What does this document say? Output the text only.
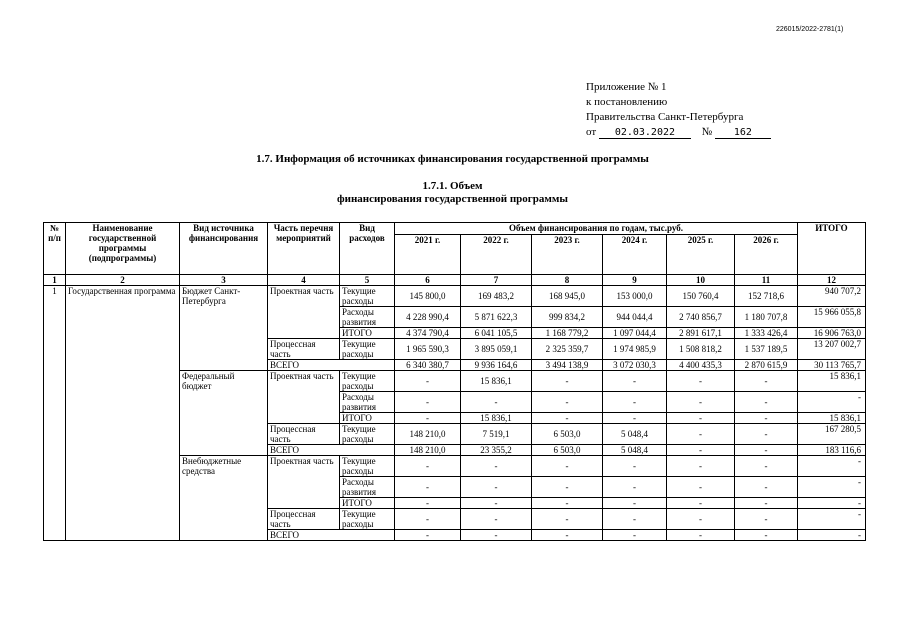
226015/2022-2781(1)
Приложение № 1
к постановлению
Правительства Санкт-Петербурга
от 02.03.2022 № 162
1.7. Информация об источниках финансирования государственной программы
1.7.1. Объем
финансирования государственной программы
№ п/п	Наименование государственной программы (подпрограммы)	Вид источника финансирования	Часть перечня мероприятий	Вид расходов	Объем финансирования по годам, тыс.руб.						ИТОГО
					2021 г.	2022 г.	2023 г.	2024 г.	2025 г.	2026 г.	
1	2	3	4	5	6	7	8	9	10	11	12
1	Государственная программа	Бюджет Санкт-Петербурга	Проектная часть	Текущие расходы	145 800,0	169 483,2	168 945,0	153 000,0	150 760,4	152 718,6	940 707,2
				Расходы развития	4 228 990,4	5 871 622,3	999 834,2	944 044,4	2 740 856,7	1 180 707,8	15 966 055,8
				ИТОГО	4 374 790,4	6 041 105,5	1 168 779,2	1 097 044,4	2 891 617,1	1 333 426,4	16 906 763,0
			Процессная часть	Текущие расходы	1 965 590,3	3 895 059,1	2 325 359,7	1 974 985,9	1 508 818,2	1 537 189,5	13 207 002,7
			ВСЕГО		6 340 380,7	9 936 164,6	3 494 138,9	3 072 030,3	4 400 435,3	2 870 615,9	30 113 765,7
		Федеральный бюджет	Проектная часть	Текущие расходы	-	15 836,1	-	-	-	-	15 836,1
				Расходы развития	-	-	-	-	-	-	-
				ИТОГО	-	15 836,1	-	-	-	-	15 836,1
			Процессная часть	Текущие расходы	148 210,0	7 519,1	6 503,0	5 048,4	-	-	167 280,5
			ВСЕГО		148 210,0	23 355,2	6 503,0	5 048,4	-	-	183 116,6
		Внебюджетные средства	Проектная часть	Текущие расходы	-	-	-	-	-	-	-
				Расходы развития	-	-	-	-	-	-	-
				ИТОГО	-	-	-	-	-	-	-
			Процессная часть	Текущие расходы	-	-	-	-	-	-	-
			ВСЕГО		-	-	-	-	-	-	-
